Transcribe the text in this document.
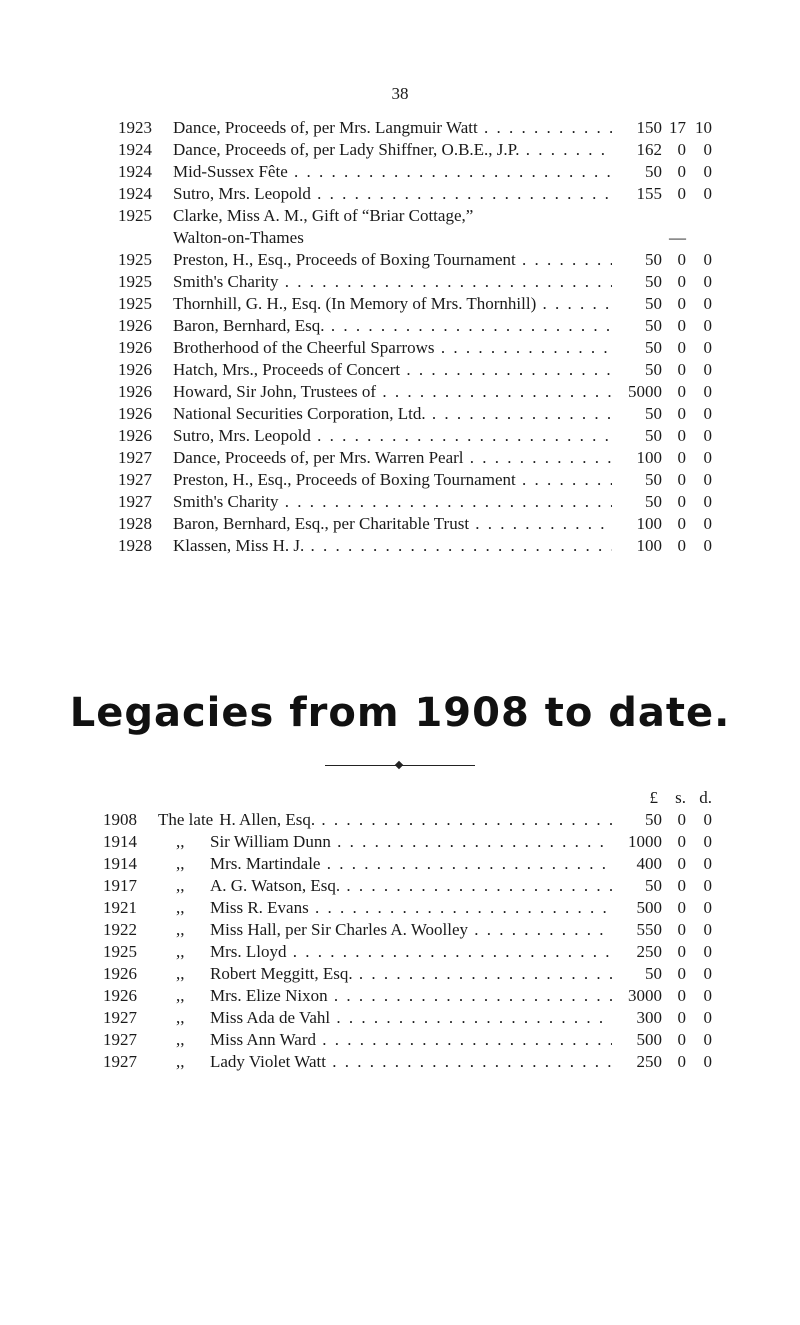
38
1923	Dance, Proceeds of, per Mrs. Langmuir Watt . . .	150 17 10
1924	Dance, Proceeds of, per Lady Shiffner, O.B.E., J.P. . . .	162 0	0
1924	Mid-Sussex Fête . . .	50 0	0
1924	Sutro, Mrs. Leopold . . .	155 0	0
1925	Clarke, Miss A. M., Gift of “Briar Cottage,”
Walton-on-Thames	—
1925	Preston, H., Esq., Proceeds of Boxing Tournament . . .	50 0	0
1925	Smith's Charity . . .	50 0	0
1925	Thornhill, G. H., Esq. (In Memory of Mrs. Thornhill) . . .	50 0	0
1926	Baron, Bernhard, Esq. . . .	50 0	0
1926	Brotherhood of the Cheerful Sparrows . . .	50 0	0
1926	Hatch, Mrs., Proceeds of Concert . . .	50 0	0
1926	Howard, Sir John, Trustees of . . .	5000 0	0
1926	National Securities Corporation, Ltd. . . .	50 0	0
1926	Sutro, Mrs. Leopold . . .	50 0	0
1927	Dance, Proceeds of, per Mrs. Warren Pearl . . .	100 0	0
1927	Preston, H., Esq., Proceeds of Boxing Tournament . . .	50 0	0
1927	Smith's Charity . . .	50 0	0
1928	Baron, Bernhard, Esq., per Charitable Trust . . .	100 0	0
1928	Klassen, Miss H. J. . . .	100 0	0
Legacies from 1908 to date.
£	s. d.
1908	The late H. Allen, Esq. . . .	50 0	0
1914	,, Sir William Dunn . . .	1000 0	0
1914	,, Mrs. Martindale . . .	400 0	0
1917	,, A. G. Watson, Esq. . . .	50 0	0
1921	,, Miss R. Evans . . .	500 0	0
1922	,, Miss Hall, per Sir Charles A. Woolley . . .	550 0	0
1925	,, Mrs. Lloyd . . .	250 0	0
1926	,, Robert Meggitt, Esq. . . .	50 0	0
1926	,, Mrs. Elize Nixon . . .	3000 0	0
1927	,, Miss Ada de Vahl . . .	300 0	0
1927	,, Miss Ann Ward . . .	500 0	0
1927	,, Lady Violet Watt . . .	250 0	0
